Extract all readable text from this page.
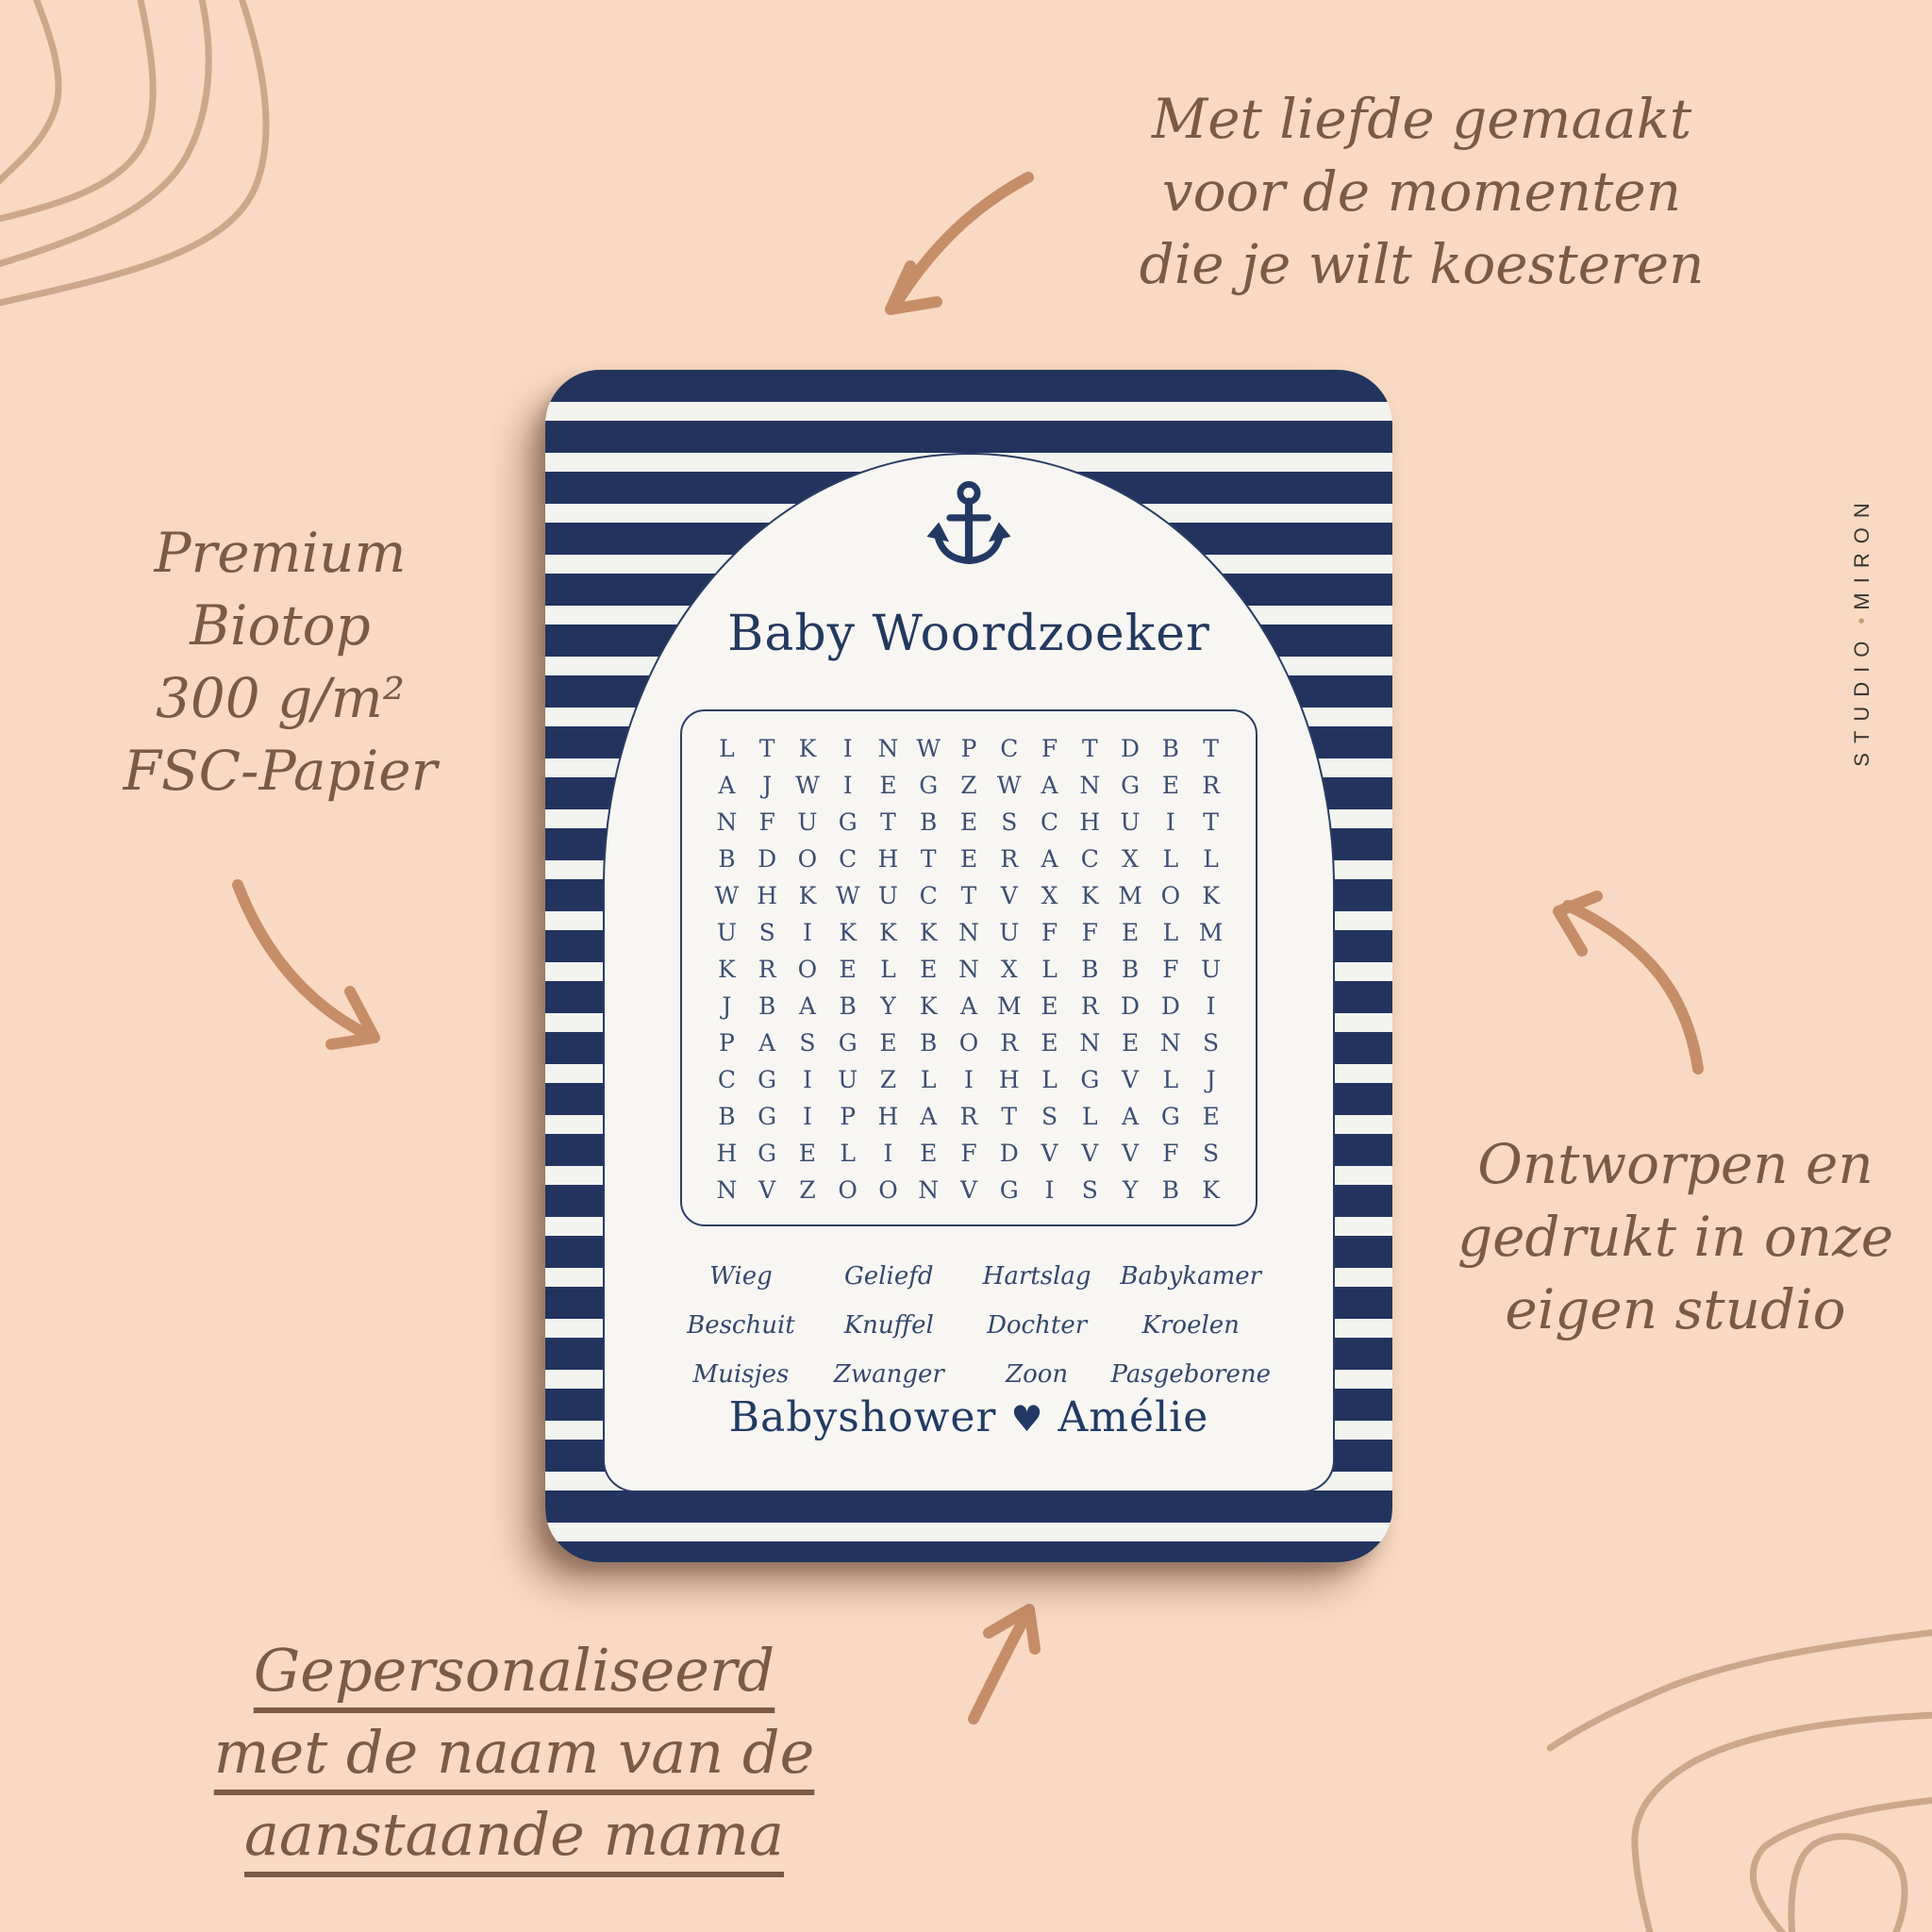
Met liefde gemaakt
voor de momenten
die je wilt koesteren
Premium
Biotop
300 g/m²
FSC-Papier
Ontworpen en
gedrukt in onze
eigen studio
Gepersonaliseerd
met de naam van de
aanstaande mama
STUDIO
•
MIRON
Baby Woordzoeker
L T K I N W P C F T D B T
A J W I E G Z W A N G E R
N F U G T B E S C H U I T
B D O C H T E R A C X L L
W H K W U C T V X K M O K
U S I K K K N U F F E L M
K R O E L E N X L B B F U
J B A B Y K A M E R D D I
P A S G E B O R E N E N S
C G I U Z L I H L G V L J
B G I P H A R T S L A G E
H G E L I E F D V V V F S
N V Z O O N V G I S Y B K
Wieg	Geliefd Hartslag Babykamer
Beschuit Knuffel Dochter Kroelen
Muisjes Zwanger	Zoon Pasgeborene
Babyshower ♥ Amélie
